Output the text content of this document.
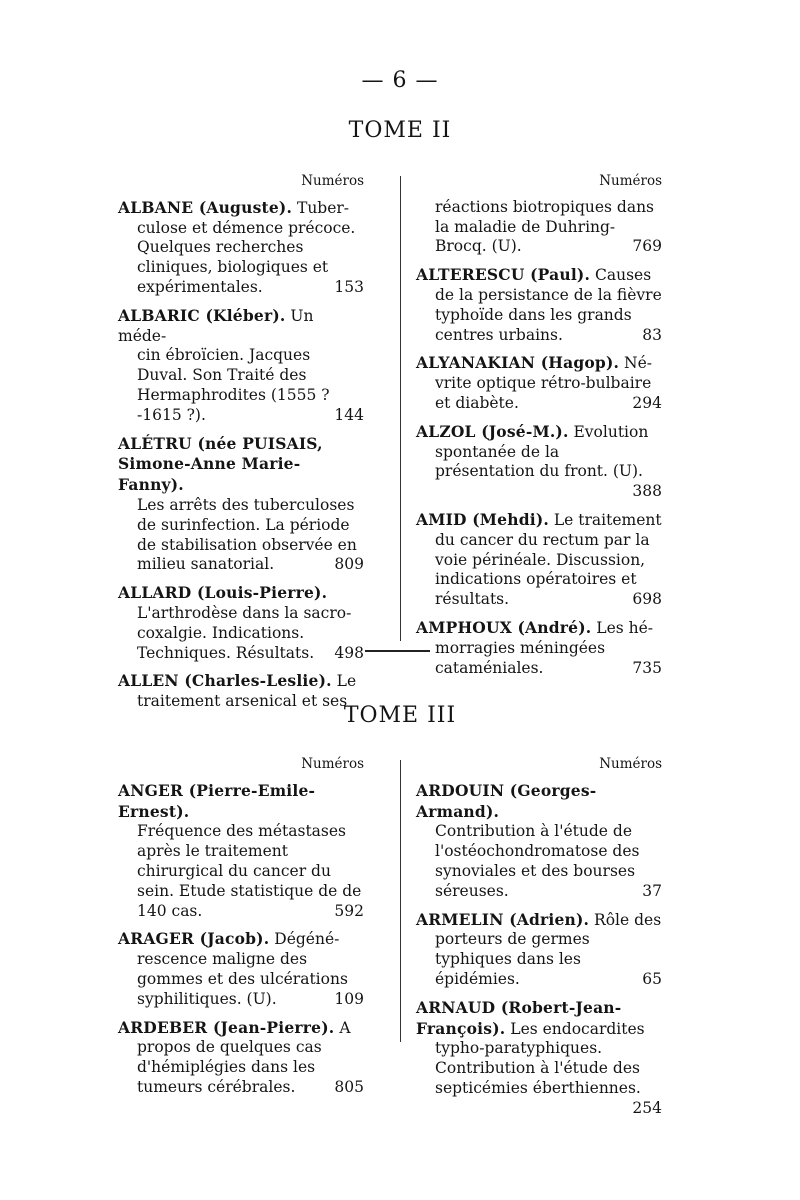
— 6 —
TOME II
Numéros
ALBANE (Auguste). Tuber-
culose et démence précoce. Quelques recherches cliniques, biologiques et expérimentales.	153
ALBARIC (Kléber). Un méde-
cin ébroïcien. Jacques Duval. Son Traité des Hermaphrodites (1555 ? -1615 ?).	144
ALÉTRU (née PUISAIS, Simone-Anne Marie-Fanny).
Les arrêts des tuberculoses de surinfection. La période de stabilisation observée en milieu sanatorial.	809
ALLARD (Louis-Pierre).
L'arthrodèse dans la sacro-coxalgie. Indications. Techniques. Résultats. 498
ALLEN (Charles-Leslie). Le
traitement arsenical et ses
Numéros
réactions biotropiques dans la maladie de Duhring-Brocq. (U).	769
ALTERESCU (Paul). Causes
de la persistance de la fièvre typhoïde dans les grands centres urbains.	83
ALYANAKIAN (Hagop). Né-
vrite optique rétro-bulbaire et diabète.	294
ALZOL (José-M.). Evolution
spontanée de la présentation du front. (U).
388
AMID (Mehdi). Le traitement
du cancer du rectum par la voie périnéale. Discussion, indications opératoires et résultats.	698
AMPHOUX (André). Les hé-
morragies méningées cataméniales.	735
TOME III
Numéros
ANGER (Pierre-Emile-Ernest).
Fréquence des métastases après le traitement chirurgical du cancer du sein. Etude statistique de de 140 cas.	592
ARAGER (Jacob). Dégéné-
rescence maligne des gommes et des ulcérations syphilitiques. (U).	109
ARDEBER (Jean-Pierre). A
propos de quelques cas d'hémiplégies dans les tumeurs cérébrales.	805
Numéros
ARDOUIN (Georges-Armand).
Contribution à l'étude de l'ostéochondromatose des synoviales et des bourses séreuses.	37
ARMELIN (Adrien). Rôle des
porteurs de germes typhiques dans les épidémies.	65
ARNAUD (Robert-Jean-François). Les endocardites
typho-paratyphiques. Contribution à l'étude des septicémies éberthiennes.
254
